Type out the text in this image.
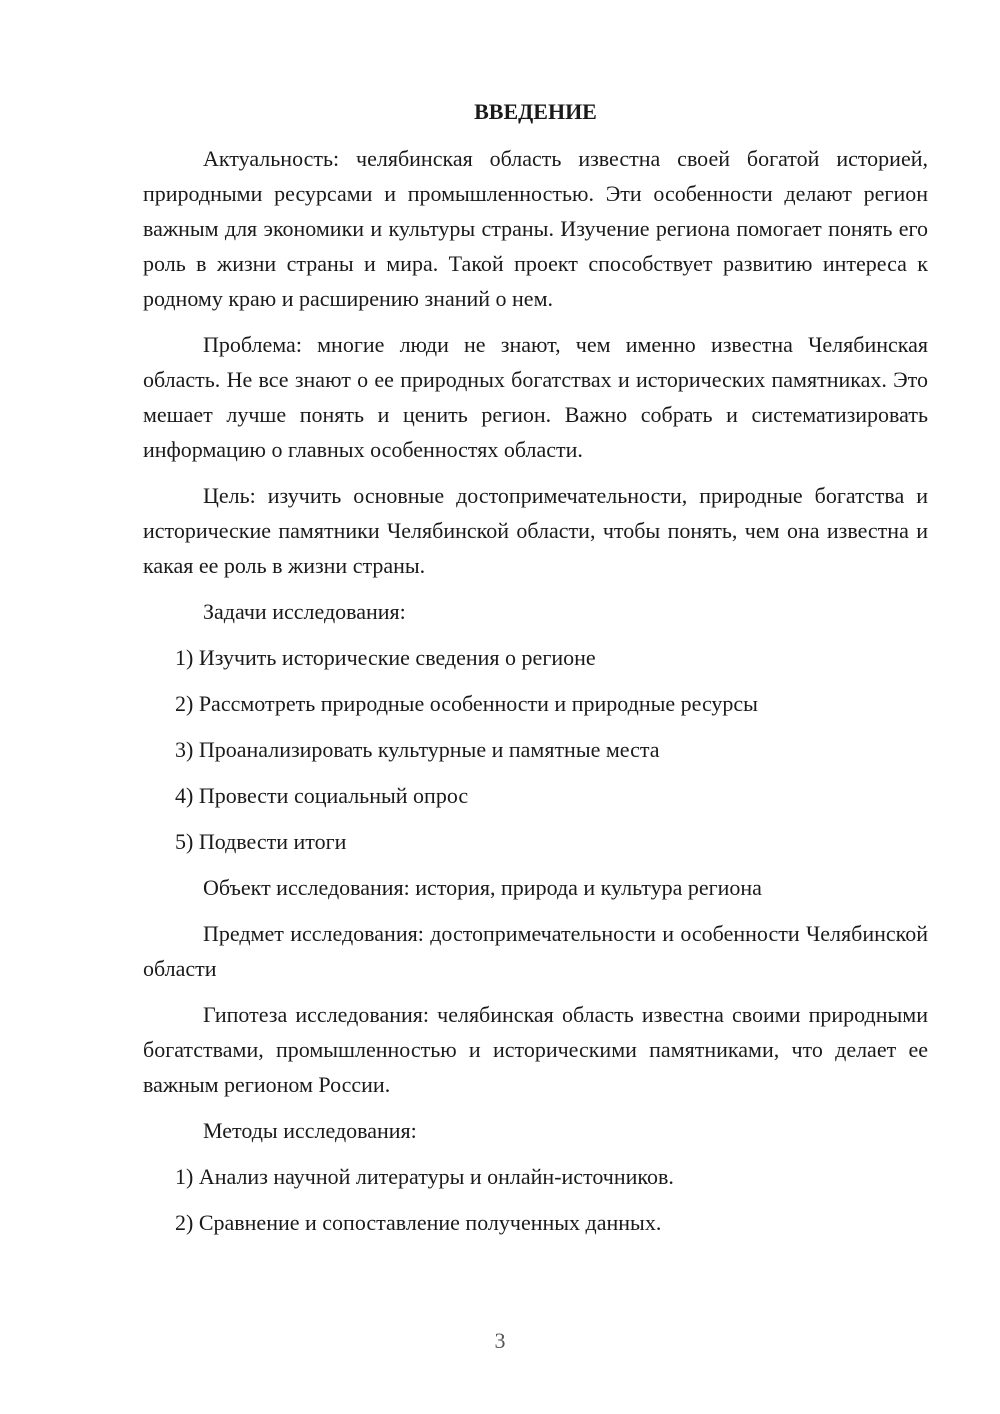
ВВЕДЕНИЕ

Актуальность: челябинская область известна своей богатой историей, природными ресурсами и промышленностью. Эти особенности делают регион важным для экономики и культуры страны. Изучение региона помогает понять его роль в жизни страны и мира. Такой проект способствует развитию интереса к родному краю и расширению знаний о нем.

Проблема: многие люди не знают, чем именно известна Челябинская область. Не все знают о ее природных богатствах и исторических памятниках. Это мешает лучше понять и ценить регион. Важно собрать и систематизировать информацию о главных особенностях области.

Цель: изучить основные достопримечательности, природные богатства и исторические памятники Челябинской области, чтобы понять, чем она известна и какая ее роль в жизни страны.

Задачи исследования:
1) Изучить исторические сведения о регионе
2) Рассмотреть природные особенности и природные ресурсы
3) Проанализировать культурные и памятные места
4) Провести социальный опрос
5) Подвести итоги
Объект исследования: история, природа и культура региона

Предмет исследования: достопримечательности и особенности Челябинской области

Гипотеза исследования: челябинская область известна своими природными богатствами, промышленностью и историческими памятниками, что делает ее важным регионом России.

Методы исследования:
1) Анализ научной литературы и онлайн-источников.
2) Сравнение и сопоставление полученных данных.
3
